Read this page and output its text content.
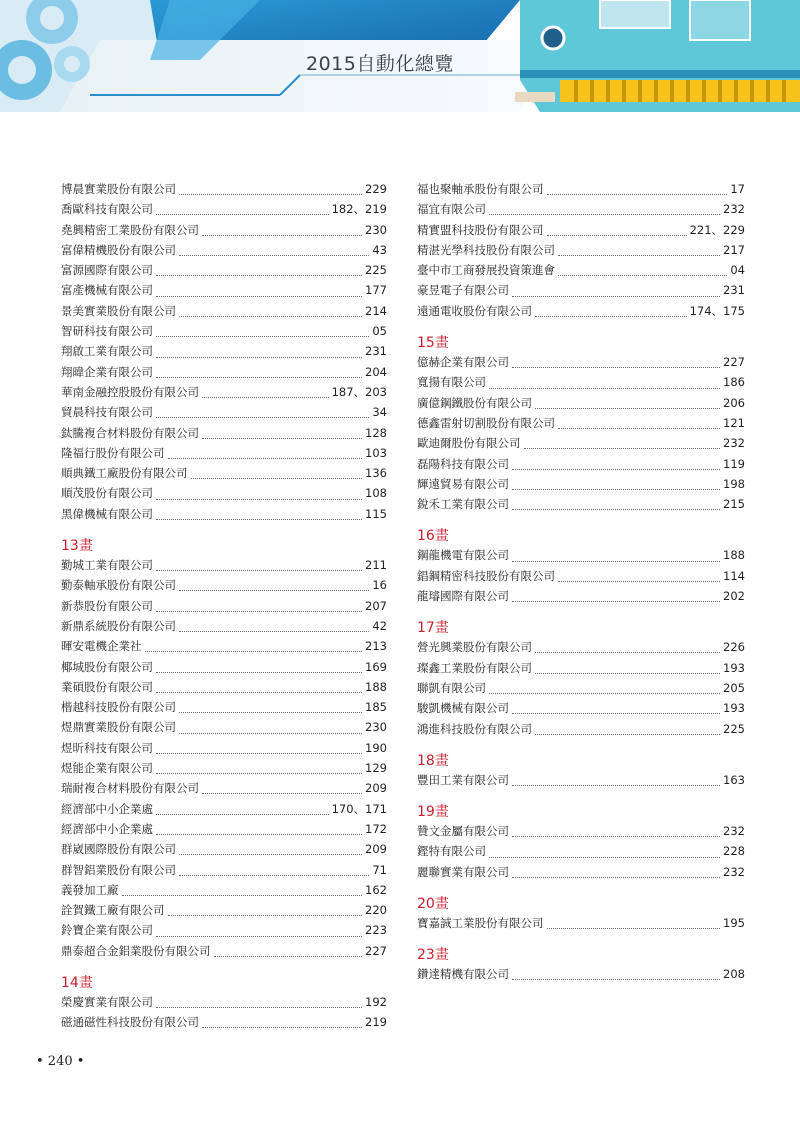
2015自動化總覽
博晨實業股份有限公司	229
喬歐科技有限公司	182、219
堯興精密工業股份有限公司	230
富偉精機股份有限公司	43
富源國際有限公司	225
富產機械有限公司	177
景美實業股份有限公司	214
智研科技有限公司	05
翔啟工業有限公司	231
翔暐企業有限公司	204
華南金融控股股份有限公司	187、203
貿晨科技有限公司	34
鈦騰複合材料股份有限公司	128
隆福行股份有限公司	103
順典鐵工廠股份有限公司	136
順茂股份有限公司	108
黑偉機械有限公司	115
13畫
勤城工業有限公司	211
勤泰軸承股份有限公司	16
新恭股份有限公司	207
新鼎系統股份有限公司	42
暉安電機企業社	213
椰城股份有限公司	169
業碩股份有限公司	188
楷越科技股份有限公司	185
煜鼎實業股份有限公司	230
煜昕科技有限公司	190
煜能企業有限公司	129
瑞耐複合材料股份有限公司	209
經濟部中小企業處	170、171
經濟部中小企業處	172
群崴國際股份有限公司	209
群智鋁業股份有限公司	71
義發加工廠	162
詮賀鐵工廠有限公司	220
鈴寶企業有限公司	223
鼎泰超合金鋁業股份有限公司	227
14畫
榮慶實業有限公司	192
磁通磁性科技股份有限公司	219
福也聚軸承股份有限公司	17
福宜有限公司	232
精實盟科技股份有限公司	221、229
精湛光學科技股份有限公司	217
臺中市工商發展投資策進會	04
豪昱電子有限公司	231
遠通電收股份有限公司	174、175
15畫
億赫企業有限公司	227
寬揚有限公司	186
廣億鋼鐵股份有限公司	206
德鑫雷射切割股份有限公司	121
歐迪爾股份有限公司	232
磊陽科技有限公司	119
輝遠貿易有限公司	198
銳禾工業有限公司	215
16畫
鋼龍機電有限公司	188
錩鋼精密科技股份有限公司	114
龍璿國際有限公司	202
17畫
營光興業股份有限公司	226
璨鑫工業股份有限公司	193
聯凱有限公司	205
駿凱機械有限公司	193
鴻進科技股份有限公司	225
18畫
豐田工業有限公司	163
19畫
贊文金屬有限公司	232
鏗特有限公司	228
麗聯實業有限公司	232
20畫
寶嘉誠工業股份有限公司	195
23畫
鑽達精機有限公司	208
• 240 •
